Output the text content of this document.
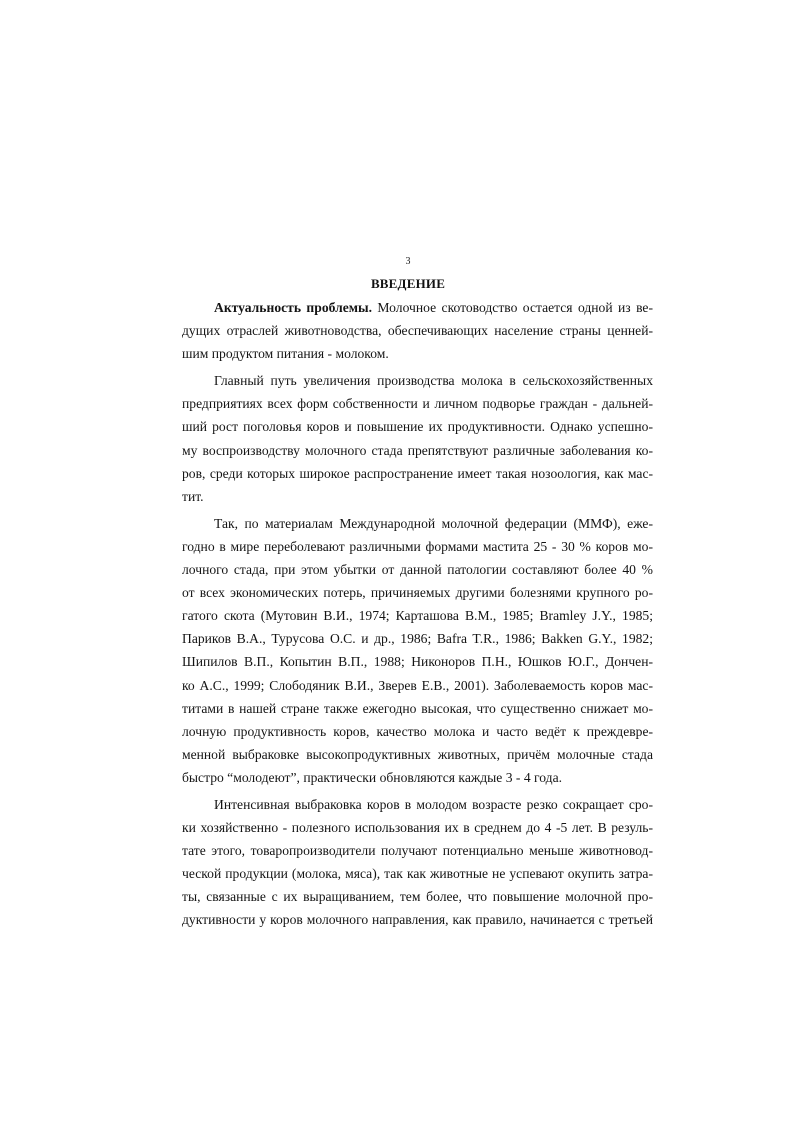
3
ВВЕДЕНИЕ
Актуальность проблемы. Молочное скотоводство остается одной из ве-
дущих отраслей животноводства, обеспечивающих население страны ценней-
шим продуктом питания - молоком.
Главный путь увеличения производства молока в сельскохозяйственных
предприятиях всех форм собственности и личном подворье граждан - дальней-
ший рост поголовья коров и повышение их продуктивности. Однако успешно-
му воспроизводству молочного стада препятствуют различные заболевания ко-
ров, среди которых широкое распространение имеет такая нозоология, как мас-
тит.
Так, по материалам Международной молочной федерации (ММФ), еже-
годно в мире переболевают различными формами мастита 25 - 30 % коров мо-
лочного стада, при этом убытки от данной патологии составляют более 40 %
от всех экономических потерь, причиняемых другими болезнями крупного ро-
гатого скота (Мутовин В.И., 1974; Карташова В.М., 1985; Bramley J.Y., 1985;
Париков В.А., Турусова О.С. и др., 1986; Bafra T.R., 1986; Bakken G.Y., 1982;
Шипилов В.П., Копытин В.П., 1988; Никоноров П.Н., Юшков Ю.Г., Дончен-
ко А.С., 1999; Слободяник В.И., Зверев Е.В., 2001). Заболеваемость коров мас-
титами в нашей стране также ежегодно высокая, что существенно снижает мо-
лочную продуктивность коров, качество молока и часто ведёт к преждевре-
менной выбраковке высокопродуктивных животных, причём молочные стада
быстро “молодеют”, практически обновляются каждые 3 - 4 года.
Интенсивная выбраковка коров в молодом возрасте резко сокращает сро-
ки хозяйственно - полезного использования их в среднем до 4 -5 лет. В резуль-
тате этого, товаропроизводители получают потенциально меньше животновод-
ческой продукции (молока, мяса), так как животные не успевают окупить затра-
ты, связанные с их выращиванием, тем более, что повышение молочной про-
дуктивности у коров молочного направления, как правило, начинается с третьей
